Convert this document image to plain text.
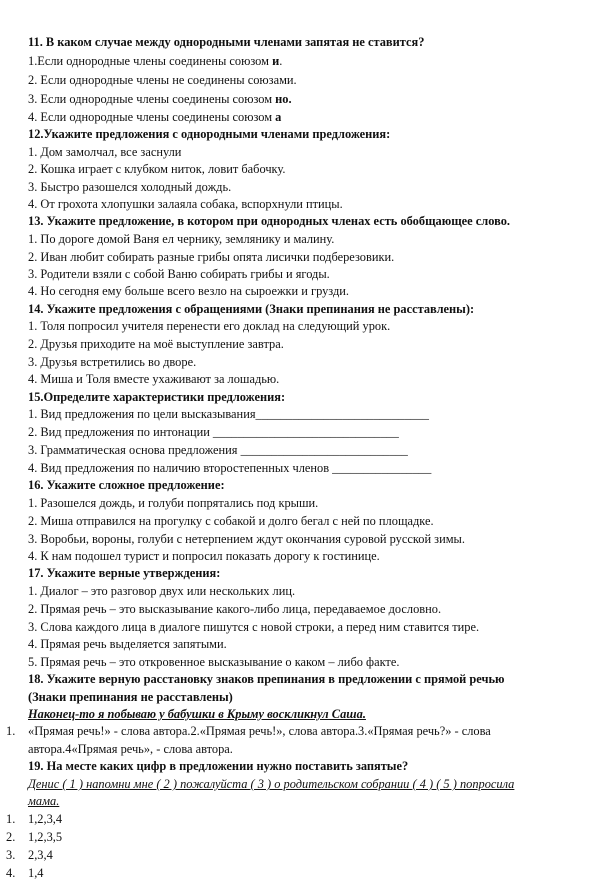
11. В каком случае между однородными членами запятая не ставится?
1.Если однородные члены соединены союзом и.
2. Если однородные члены не соединены союзами.
3. Если однородные члены соединены союзом но.
4. Если однородные члены соединены союзом а
12.Укажите предложения с однородными членами предложения:
1. Дом замолчал, все заснули
2. Кошка играет с клубком ниток, ловит бабочку.
3. Быстро разошелся холодный дождь.
4. От грохота хлопушки залаяла собака, вспорхнули птицы.
13. Укажите предложение, в котором при однородных членах есть обобщающее слово.
1. По дороге домой Ваня ел чернику, землянику и малину.
2. Иван любит собирать разные грибы опята лисички подберезовики.
3. Родители взяли с собой Ваню собирать грибы и ягоды.
4. Но сегодня ему больше всего везло на сыроежки и грузди.
14. Укажите предложения с обращениями (Знаки препинания не расставлены):
1. Толя попросил учителя перенести его доклад на следующий урок.
2. Друзья приходите на моё выступление завтра.
3. Друзья встретились во дворе.
4. Миша и Толя вместе ухаживают за лошадью.
15.Определите характеристики предложения:
1. Вид предложения по цели высказывания____________________________
2. Вид предложения по интонации ______________________________
3. Грамматическая основа предложения ___________________________
4. Вид предложения по наличию второстепенных членов ________________
16. Укажите сложное предложение:
1. Разошелся дождь, и голуби попрятались под крыши.
2. Миша отправился на прогулку с собакой и долго бегал с ней по площадке.
3. Воробьи, вороны, голуби с нетерпением ждут окончания суровой русской зимы.
4. К нам подошел турист и попросил показать дорогу к гостинице.
17. Укажите верные утверждения:
1. Диалог – это разговор двух или нескольких лиц.
2. Прямая речь – это высказывание какого-либо лица, передаваемое дословно.
3. Слова каждого лица в диалоге пишутся с новой строки, а перед ним ставится тире.
4. Прямая речь выделяется запятыми.
5. Прямая речь – это откровенное высказывание о каком – либо факте.
18. Укажите верную расстановку знаков препинания в предложении с прямой речью
(Знаки препинания не расставлены)
Наконец-то я побываю у бабушки в Крыму воскликнул Саша.
1. «Прямая речь!» - слова автора.2.«Прямая речь!», слова автора.3.«Прямая речь?» - слова
автора.4«Прямая речь», - слова автора.
19. На месте каких цифр в предложении нужно поставить запятые?
Денис ( 1 ) напомни мне ( 2 ) пожалуйста ( 3 ) о родительском собрании ( 4 ) ( 5 ) попросила
мама.
1. 1,2,3,4
2. 1,2,3,5
3. 2,3,4
4. 1,4
